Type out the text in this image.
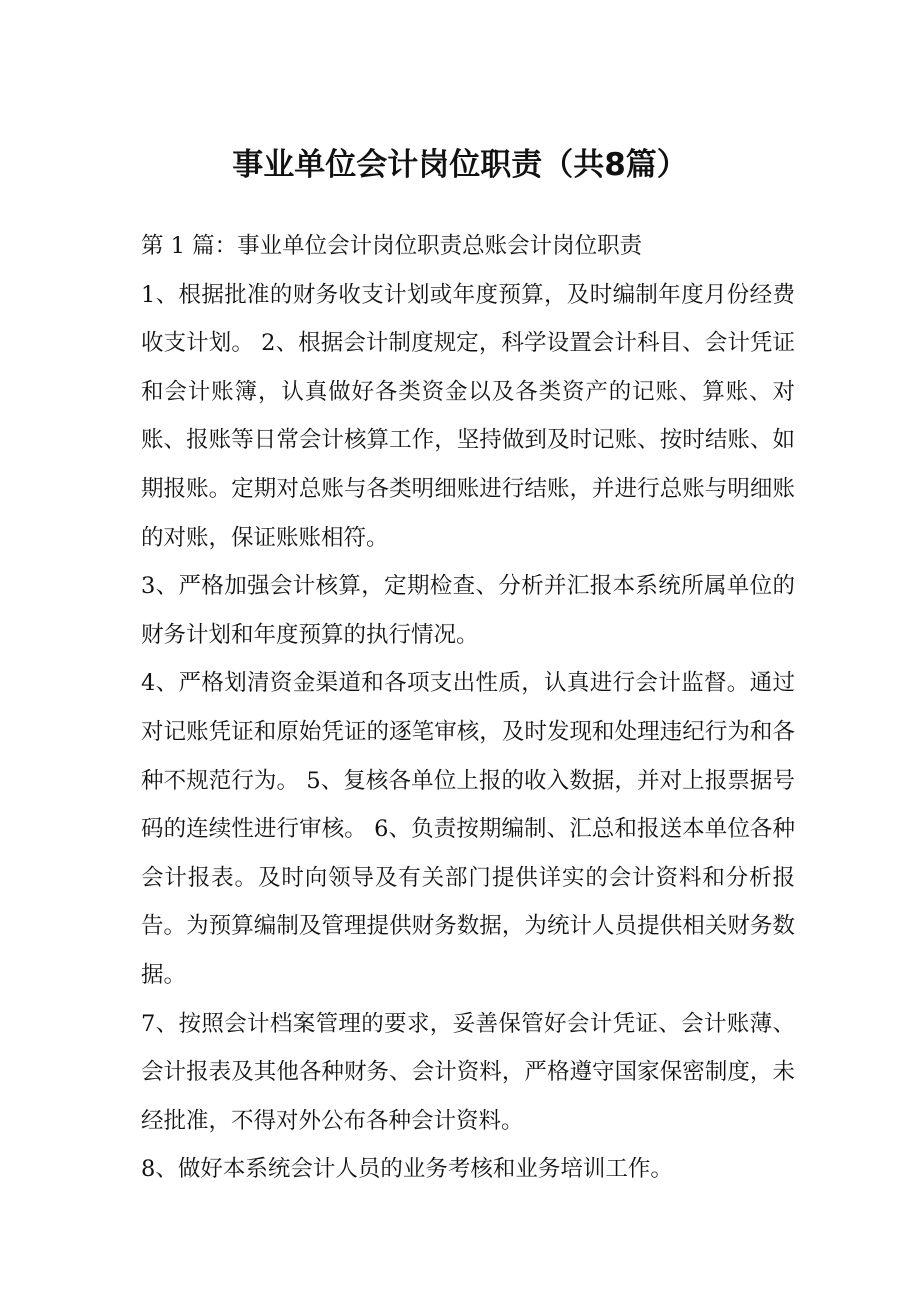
事业单位会计岗位职责（共8篇）

第 1 篇：事业单位会计岗位职责总账会计岗位职责

1、根据批准的财务收支计划或年度预算，及时编制年度月份经费收支计划。 2、根据会计制度规定，科学设置会计科目、会计凭证和会计账簿，认真做好各类资金以及各类资产的记账、算账、对账、报账等日常会计核算工作，坚持做到及时记账、按时结账、如期报账。定期对总账与各类明细账进行结账，并进行总账与明细账的对账，保证账账相符。

3、严格加强会计核算，定期检查、分析并汇报本系统所属单位的财务计划和年度预算的执行情况。

4、严格划清资金渠道和各项支出性质，认真进行会计监督。通过对记账凭证和原始凭证的逐笔审核，及时发现和处理违纪行为和各种不规范行为。 5、复核各单位上报的收入数据，并对上报票据号码的连续性进行审核。 6、负责按期编制、汇总和报送本单位各种会计报表。及时向领导及有关部门提供详实的会计资料和分析报告。为预算编制及管理提供财务数据，为统计人员提供相关财务数据。

7、按照会计档案管理的要求，妥善保管好会计凭证、会计账薄、会计报表及其他各种财务、会计资料，严格遵守国家保密制度，未经批准，不得对外公布各种会计资料。

8、做好本系统会计人员的业务考核和业务培训工作。
